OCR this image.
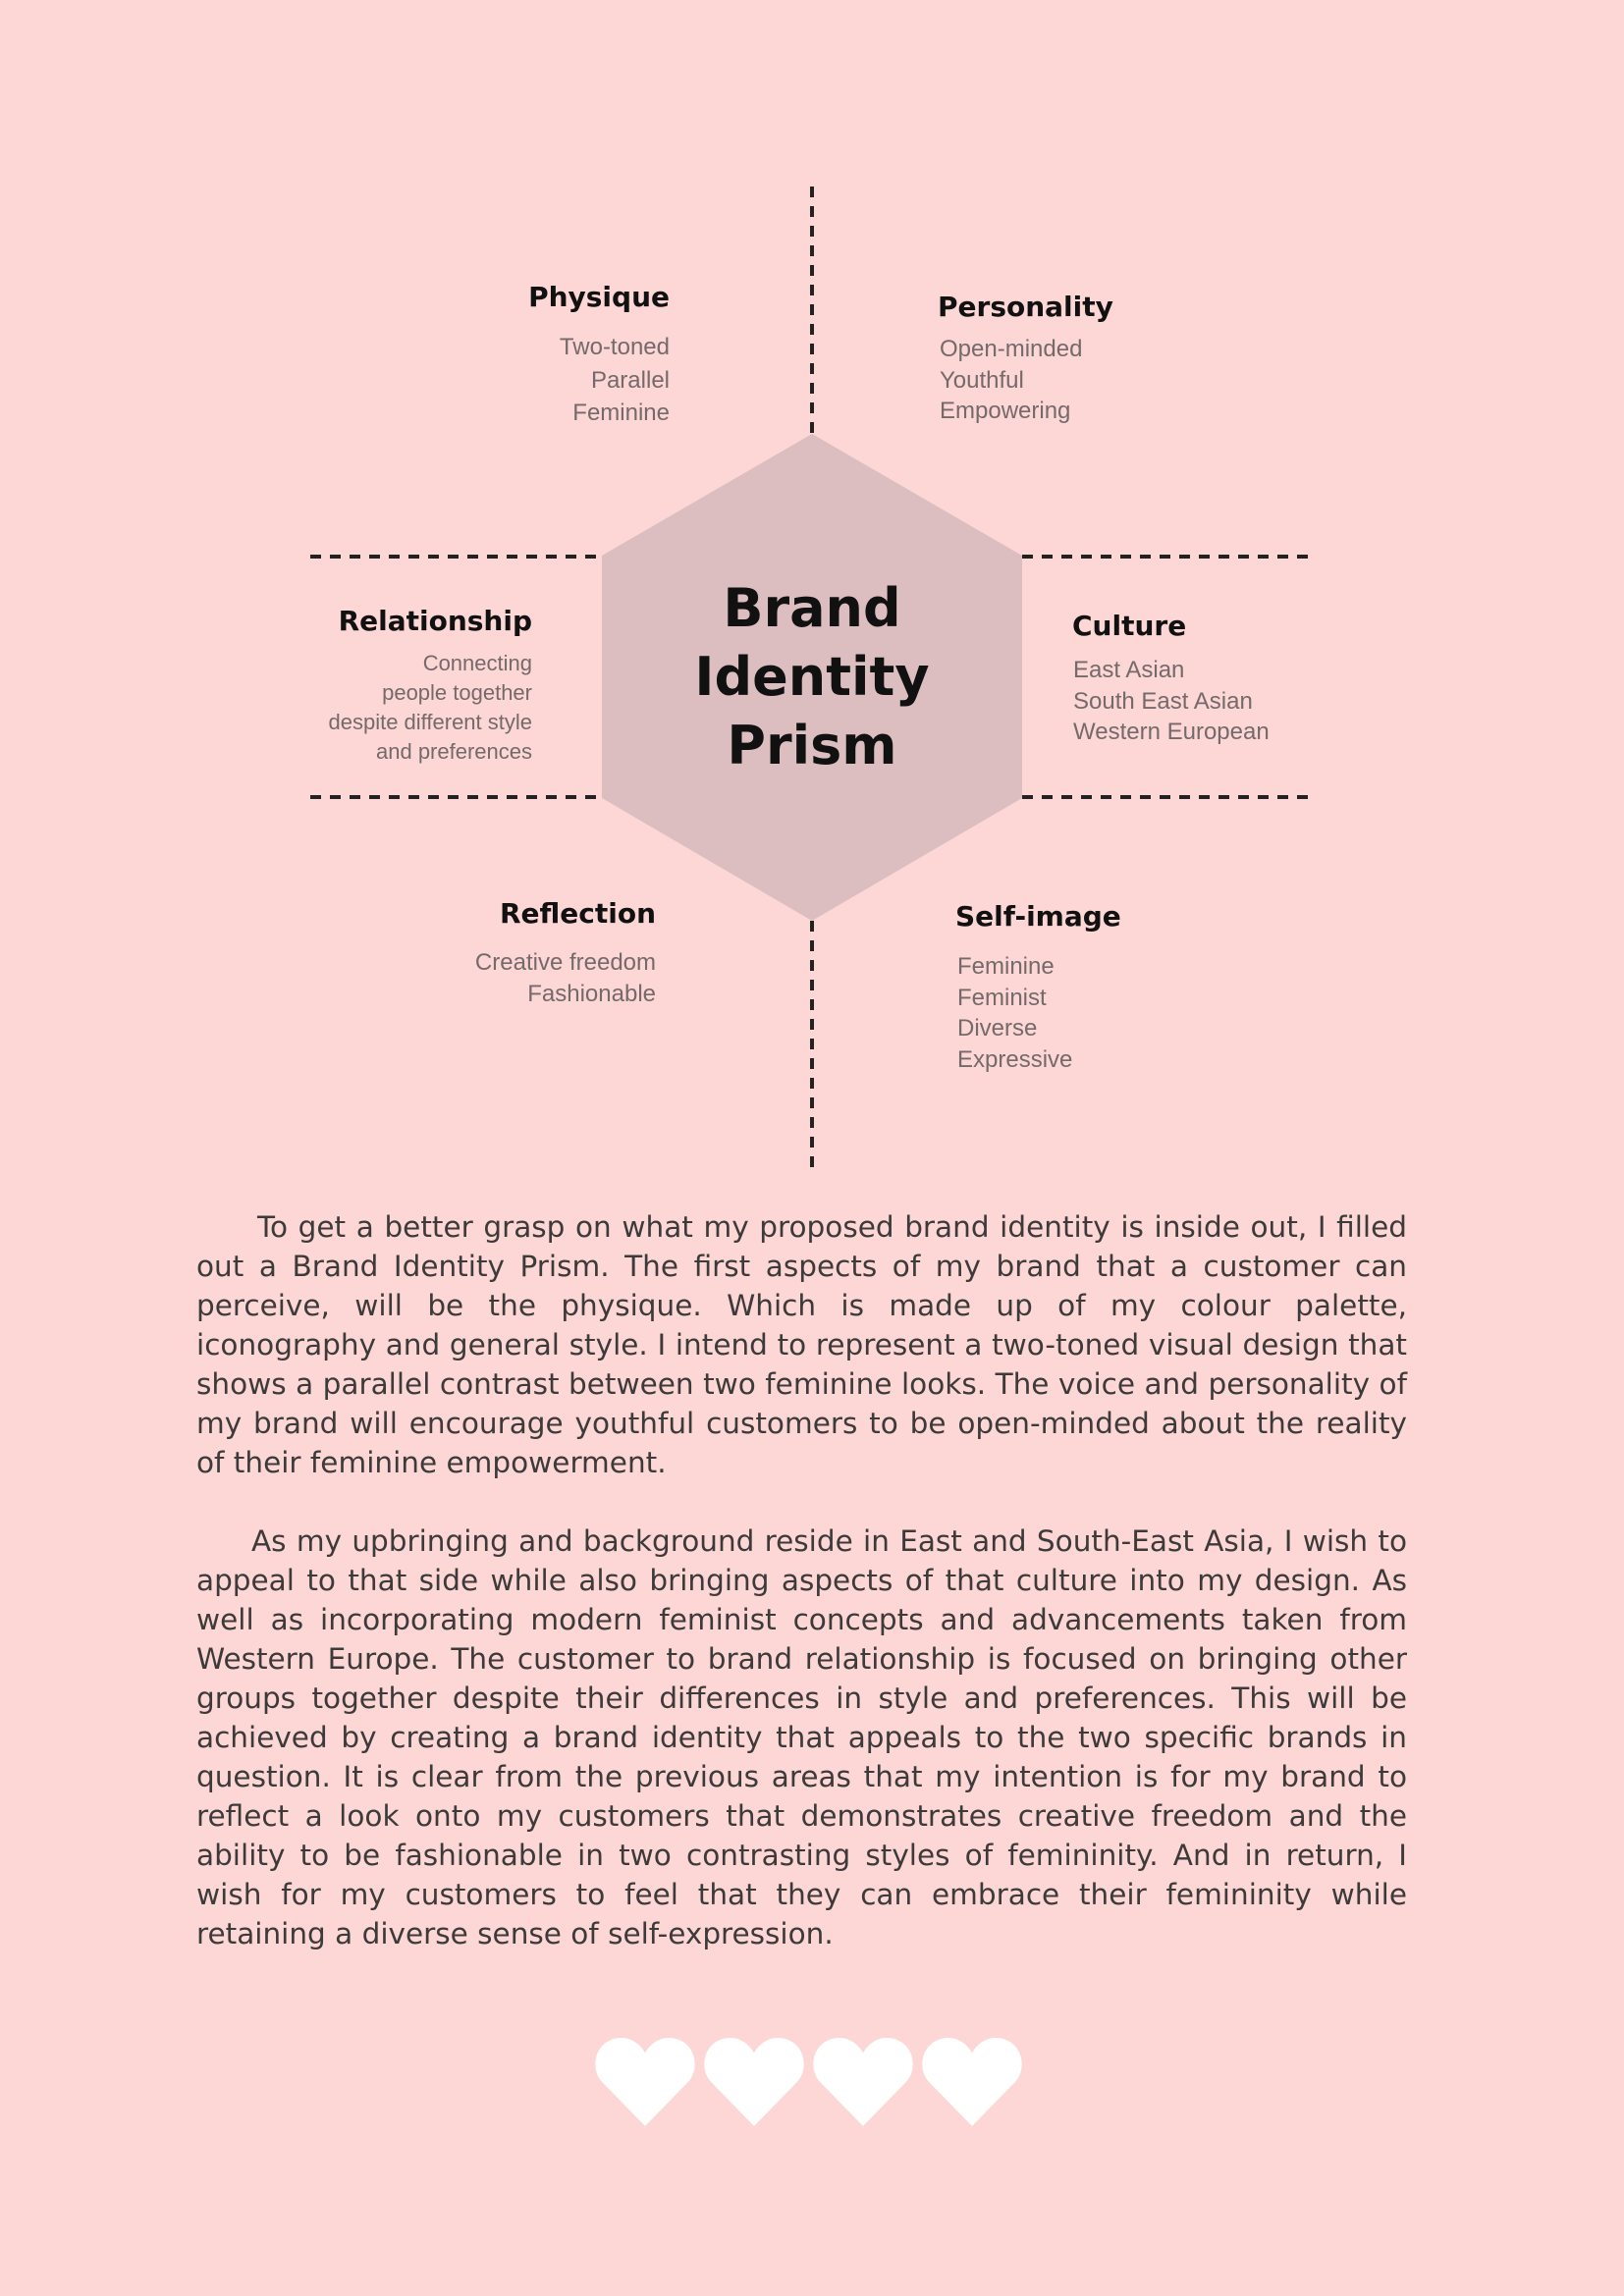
Brand
Identity
Prism
Physique
Two-toned
Parallel
Feminine
Personality
Open-minded
Youthful
Empowering
Relationship
Connecting
people together
despite different style
and preferences
Culture
East Asian
South East Asian
Western European
Reflection
Creative freedom
Fashionable
Self-image
Feminine
Feminist
Diverse
Expressive

To get a better grasp on what my proposed brand identity is inside out, I filled out a Brand Identity Prism. The first aspects of my brand that a customer can perceive, will be the physique. Which is made up of my colour palette, iconography and general style. I intend to represent a two-toned visual design that shows a parallel contrast between two feminine looks. The voice and personality of my brand will encourage youthful customers to be open-minded about the reality of their feminine empowerment.

As my upbringing and background reside in East and South-East Asia, I wish to appeal to that side while also bringing aspects of that culture into my design. As well as incorporating modern feminist concepts and advancements taken from Western Europe. The customer to brand relationship is focused on bringing other groups together despite their differences in style and preferences. This will be achieved by creating a brand identity that appeals to the two specific brands in question. It is clear from the previous areas that my intention is for my brand to reflect a look onto my customers that demonstrates creative freedom and the ability to be fashionable in two contrasting styles of femininity. And in return, I wish for my customers to feel that they can embrace their femininity while retaining a diverse sense of self-expression.
